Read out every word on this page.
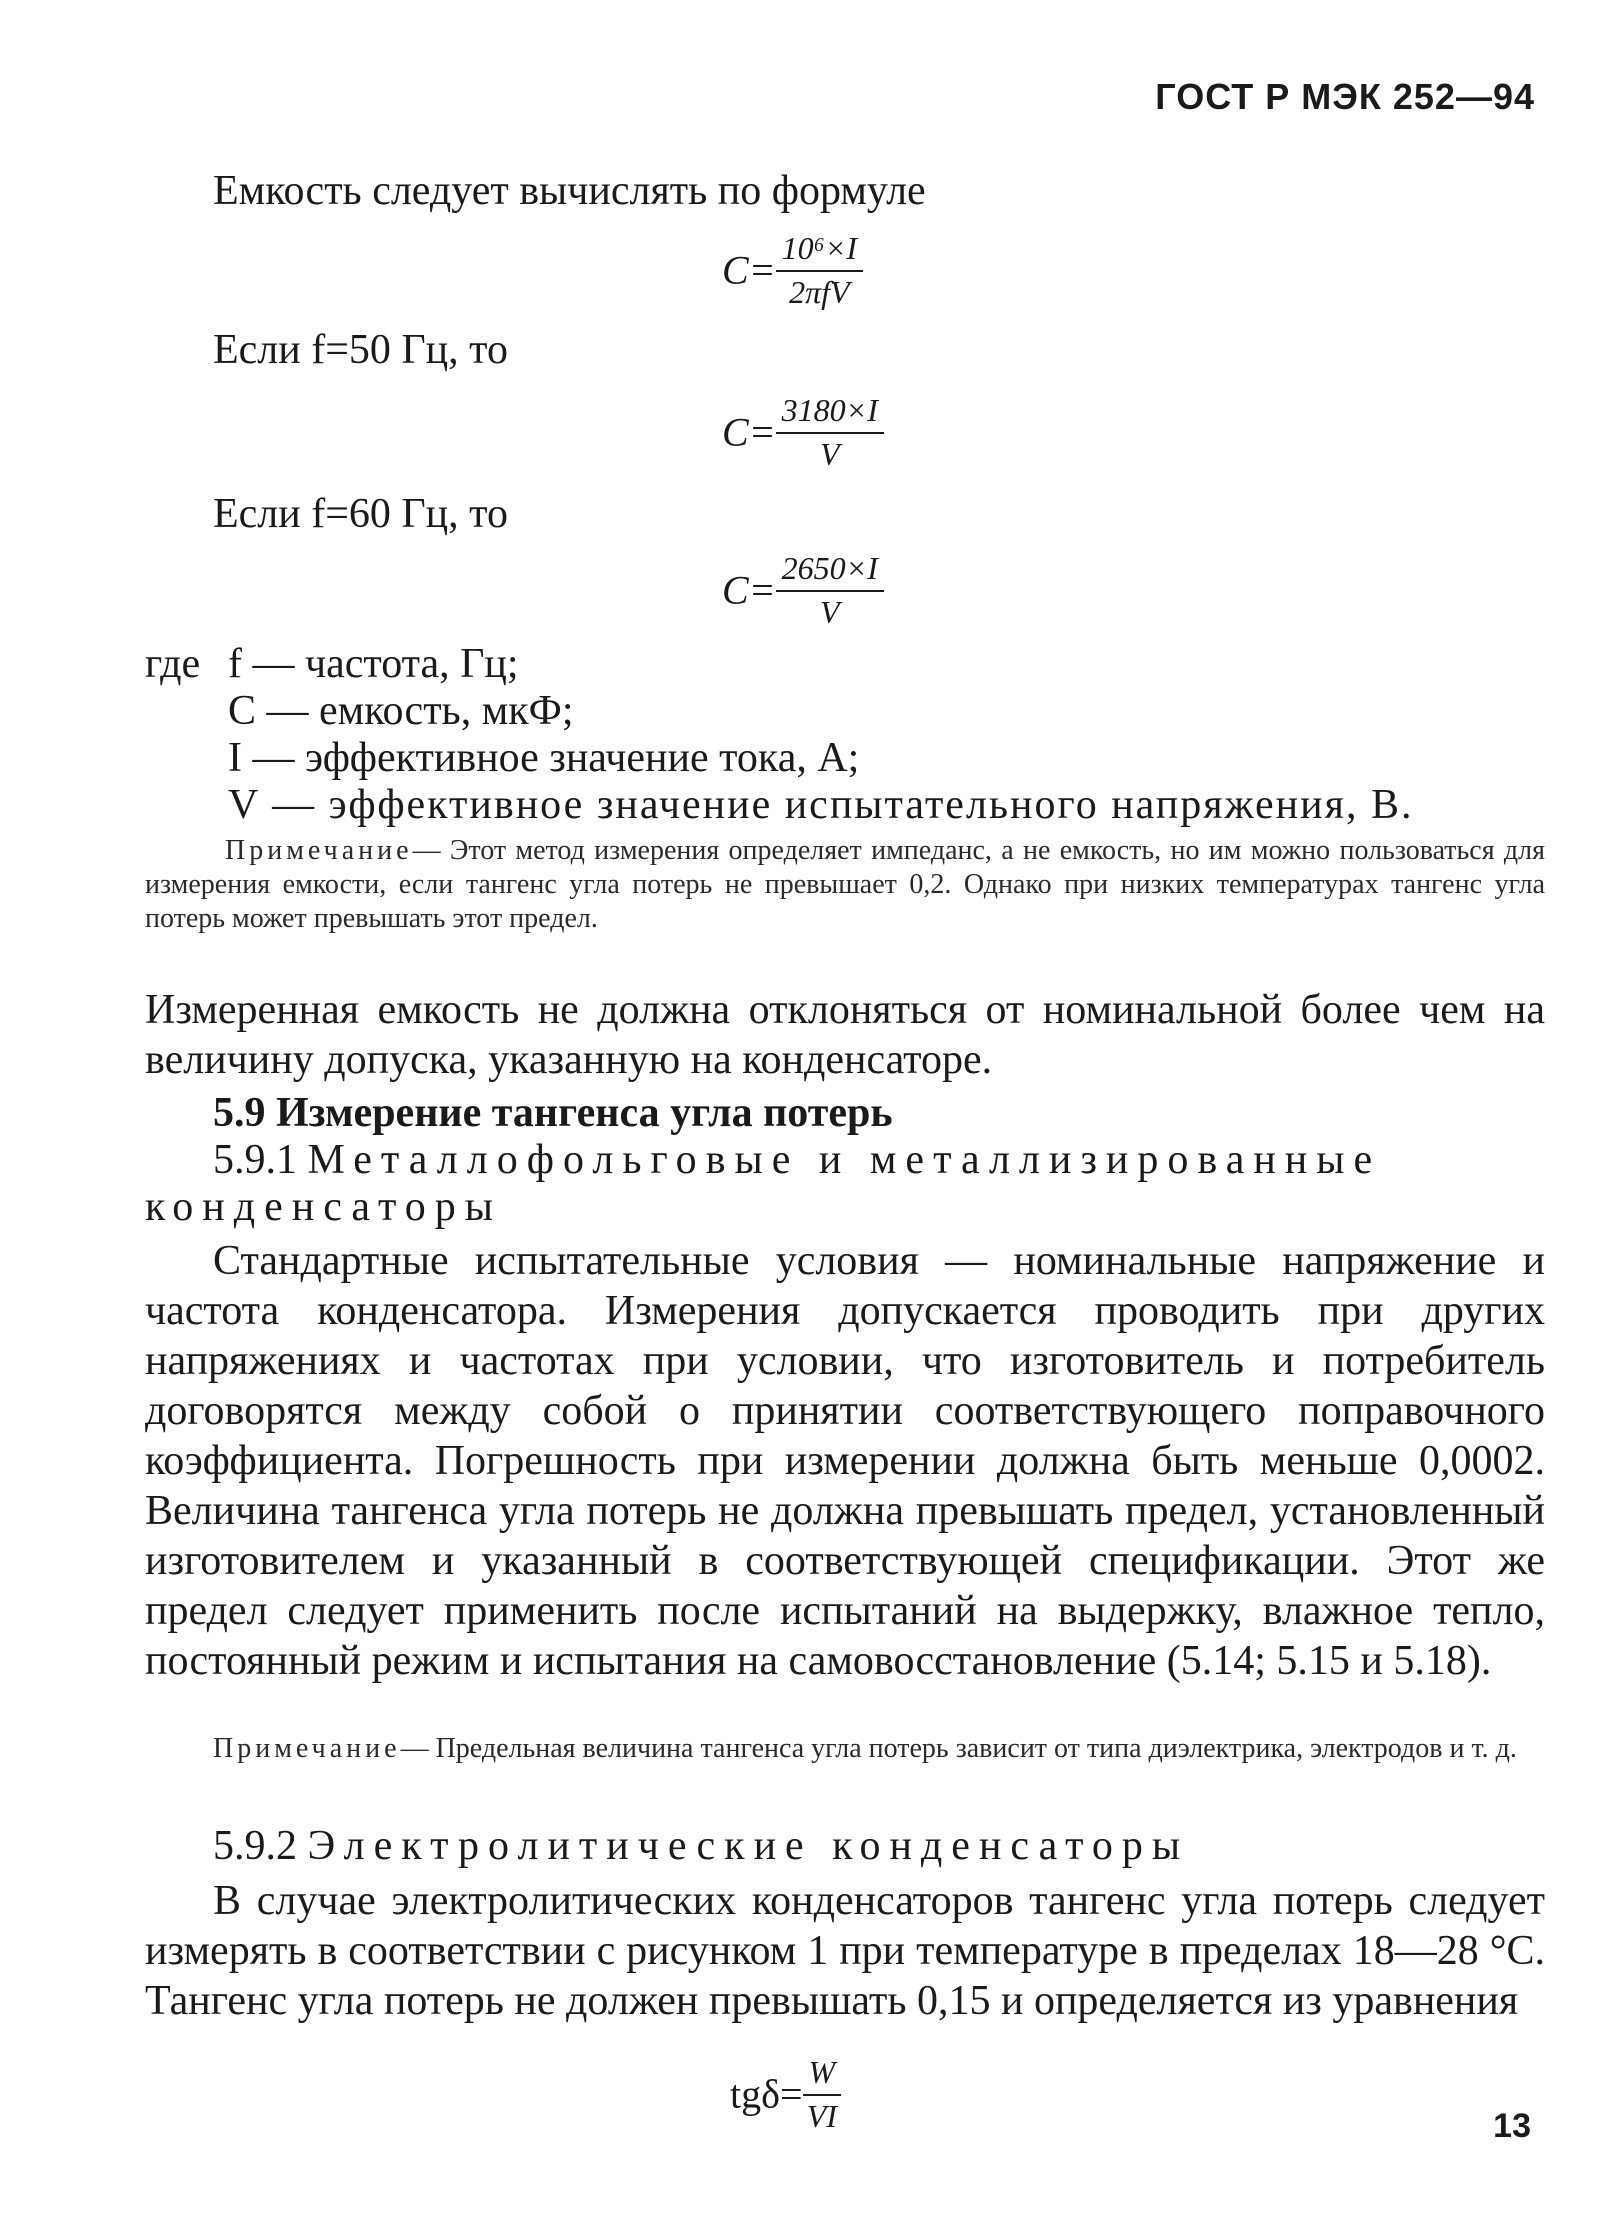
ГОСТ Р МЭК 252—94
Емкость следует вычислять по формуле
$C= \frac{\text{10⁶×I}}{\text{2πfV}}$
Если f=50 Гц, то
$C= \frac{3180\times I}{V}$
Если f=60 Гц, то
$C= \frac{2650\times I}{V}$
где f — частота, Гц;
C — емкость, мкФ;
I — эффективное значение тока, А;
V — эффективное значение испытательного напряжения, В.
Примечание— Этот метод измерения определяет импеданс, а не емкость, но им можно пользоваться для измерения емкости, если тангенс угла потерь не превышает 0,2. Однако при низких температурах тангенс угла потерь может превышать этот предел.
Измеренная емкость не должна отклоняться от номинальной более чем на величину допуска, указанную на конденсаторе.
5.9 Измерение тангенса угла потерь
5.9.1 Металлофольговые и металлизированные
конденсаторы
Стандартные испытательные условия — номинальные напряжение и частота конденсатора. Измерения допускается проводить при других напряжениях и частотах при условии, что изготовитель и потребитель договорятся между собой о принятии соответствующего поправочного коэффициента. Погрешность при измерении должна быть меньше 0,0002. Величина тангенса угла потерь не должна превышать предел, установленный изготовителем и указанный в соответствующей спецификации. Этот же предел следует применить после испытаний на выдержку, влажное тепло, постоянный режим и испытания на самовосстановление (5.14; 5.15 и 5.18).
Примечание— Предельная величина тангенса угла потерь зависит от типа диэлектрика, электродов и т. д.
5.9.2 Электролитические конденсаторы
В случае электролитических конденсаторов тангенс угла потерь следует измерять в соответствии с рисунком 1 при температуре в пределах 18—28 °С. Тангенс угла потерь не должен превышать 0,15 и определяется из уравнения
$tg\delta= \frac{W}{VI}$	13
